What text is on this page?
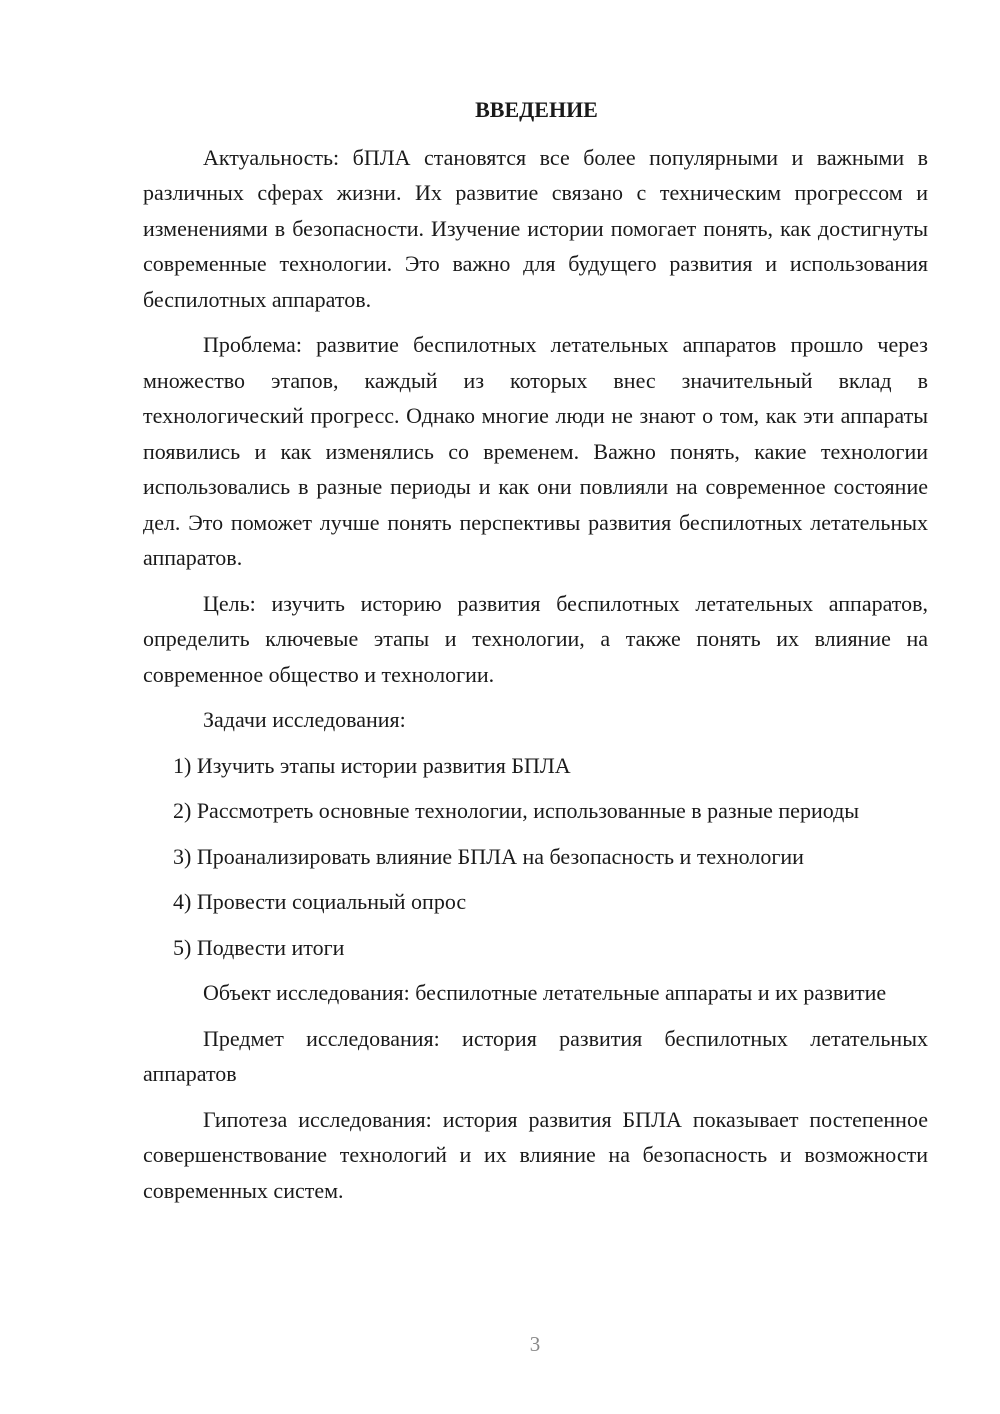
ВВЕДЕНИЕ
Актуальность: бПЛА становятся все более популярными и важными в различных сферах жизни. Их развитие связано с техническим прогрессом и изменениями в безопасности. Изучение истории помогает понять, как достигнуты современные технологии. Это важно для будущего развития и использования беспилотных аппаратов.
Проблема: развитие беспилотных летательных аппаратов прошло через множество этапов, каждый из которых внес значительный вклад в технологический прогресс. Однако многие люди не знают о том, как эти аппараты появились и как изменялись со временем. Важно понять, какие технологии использовались в разные периоды и как они повлияли на современное состояние дел. Это поможет лучше понять перспективы развития беспилотных летательных аппаратов.
Цель: изучить историю развития беспилотных летательных аппаратов, определить ключевые этапы и технологии, а также понять их влияние на современное общество и технологии.
Задачи исследования:
1) Изучить этапы истории развития БПЛА
2) Рассмотреть основные технологии, использованные в разные периоды
3) Проанализировать влияние БПЛА на безопасность и технологии
4) Провести социальный опрос
5) Подвести итоги
Объект исследования: беспилотные летательные аппараты и их развитие
Предмет исследования: история развития беспилотных летательных аппаратов
Гипотеза исследования: история развития БПЛА показывает постепенное совершенствование технологий и их влияние на безопасность и возможности современных систем.
3
